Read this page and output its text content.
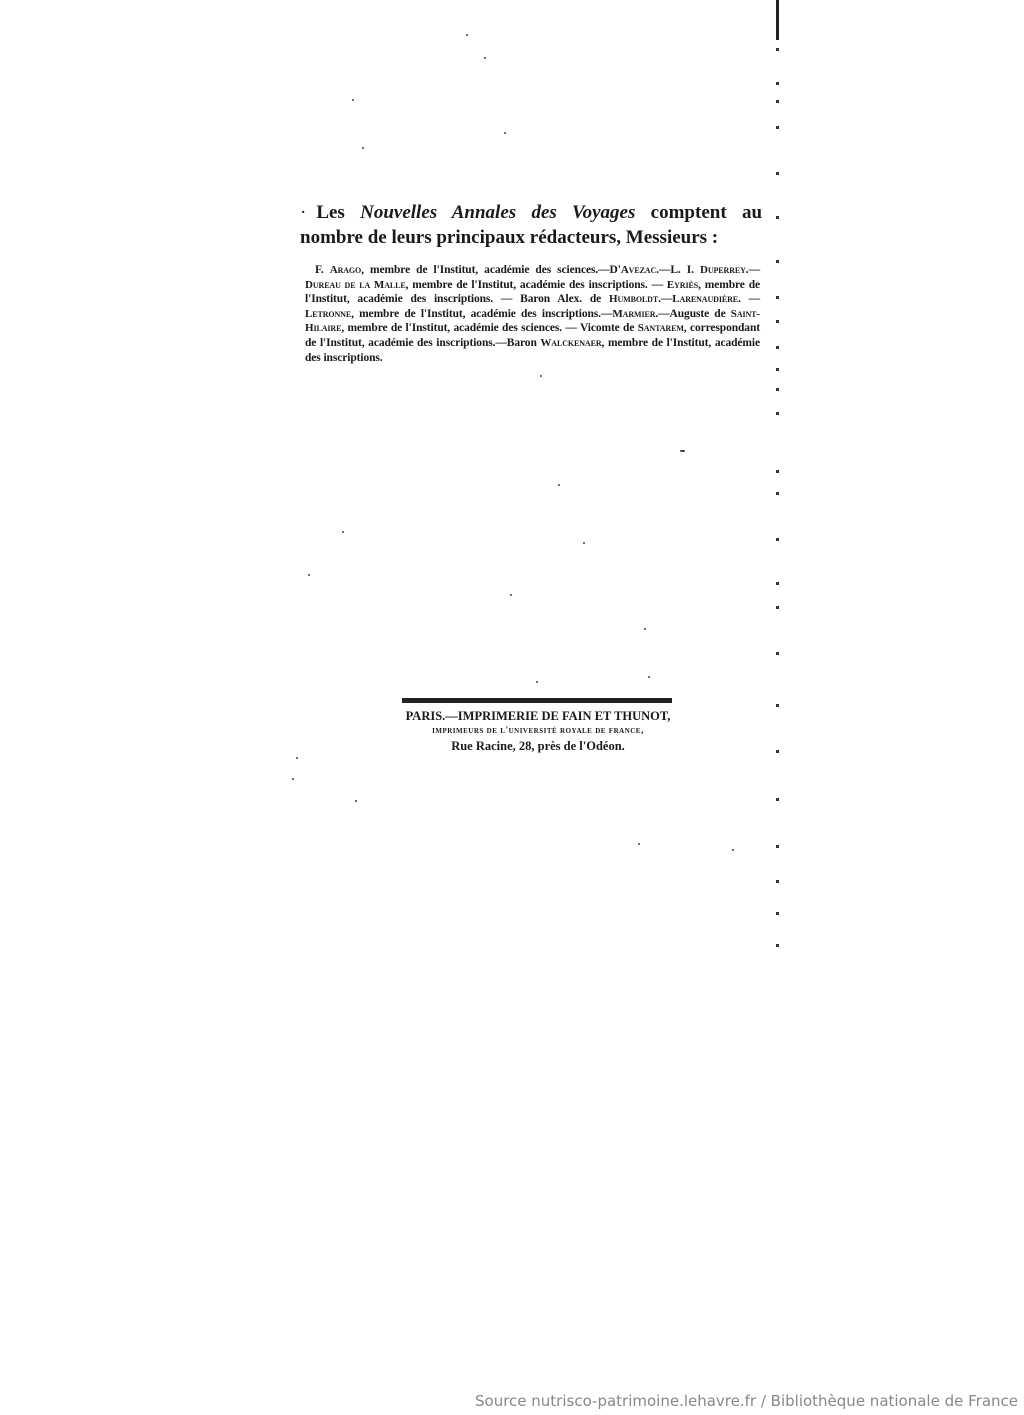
· Les Nouvelles Annales des Voyages comptent au nombre de leurs principaux rédacteurs, Messieurs :
F. Arago, membre de l'Institut, académie des sciences.—D'Avezac.—L. I. Duperrey.—Dureau de la Malle, membre de l'Institut, académie des inscriptions. — Eyriès, membre de l'Institut, académie des inscriptions. — Baron Alex. de Humboldt.—Larenaudière. — Letronne, membre de l'Institut, académie des inscriptions.—Marmier.—Auguste de Saint-Hilaire, membre de l'Institut, académie des sciences. — Vicomte de Santarem, correspondant de l'Institut, académie des inscriptions.—Baron Walckenaer, membre de l'Institut, académie des inscriptions.
PARIS.—IMPRIMERIE DE FAIN ET THUNOT,
imprimeurs de l'université royale de france,
Rue Racine, 28, près de l'Odéon.
Source nutrisco-patrimoine.lehavre.fr / Bibliothèque nationale de France
